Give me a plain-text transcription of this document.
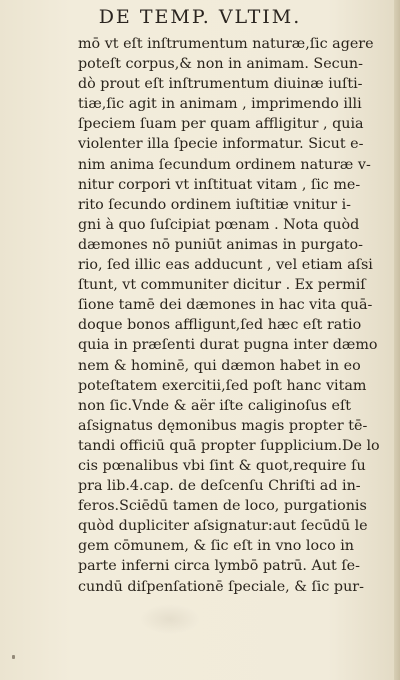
DE TEMP. VLTIM.
mō vt eſt inſtrumentum naturæ,ſic agere
poteſt corpus,& non in animam. Secun-
dò prout eſt inſtrumentum diuinæ iuſti-
tiæ,ſic agit in animam , imprimendo illi
ſpeciem ſuam per quam affligitur , quia
violenter illa ſpecie informatur. Sicut e-
nim anima ſecundum ordinem naturæ v-
nitur corpori vt inſtituat vitam , ſic me-
rito ſecundo ordinem iuſtitiæ vnitur i-
gni à quo ſuſcipiat pœnam . Nota quòd
dæmones nō puniūt animas in purgato-
rio, ſed illic eas adducunt , vel etiam aſsi
ſtunt, vt communiter dicitur . Ex permiſ
ſione tamē dei dæmones in hac vita quā-
doque bonos affligunt,ſed hæc eſt ratio
quia in præſenti durat pugna inter dæmo
nem & hominē, qui dæmon habet in eo
poteſtatem exercitii,ſed poſt hanc vitam
non ſic.Vnde & aër iſte caliginoſus eſt
aſsignatus dęmonibus magis propter tē-
tandi officiū quā propter ſupplicium.De lo
cis pœnalibus vbi ſint & quot,require ſu
pra lib.4.cap. de deſcenſu Chriſti ad in-
feros.Sciēdū tamen de loco, purgationis
quòd dupliciter aſsignatur:aut ſecūdū le
gem cōmunem, & ſic eſt in vno loco in
parte inferni circa lymbō patrū. Aut ſe-
cundū diſpenſationē ſpeciale, & ſic pur-
